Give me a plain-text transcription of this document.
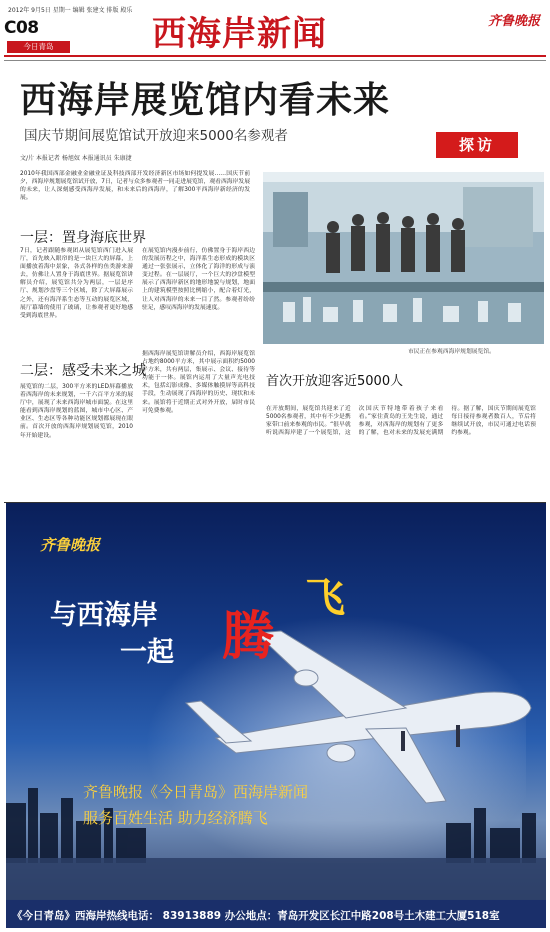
2012年 9月5日 星期一 编辑 张建文 排版 殿乐
C08
今日青岛	西海岸新闻	齐鲁晚报
西海岸展览馆内看未来
国庆节期间展览馆试开放迎来5000名参观者	探访
文/片 本报记者 杨旭奴 本报通讯员 朱康捷
2010年我国西部金融业金融业证及科技西部开发经济新区市场如何提发展……国庆节前夕，西海岸规划展览馆试开放，7日，记者与众多参观者一同走进展览馆，观看西海岸发展的未来，让人深刻感受西海岸发展，和未来后的西海岸，了解300平西海岸新经济的发展。
一层：置身海底世界
7日，记者跟随参观团从展览馆西门进入展厅，首先映入眼帘的是一块巨大的屏幕，上面播放着海中景象，各式各样的鱼类游来游去，仿佛让人置身于海底世界。据展览馆讲解员介绍，展览馆共分为两层，一层是序厅、规划沙盘等三个区域，除了大屏幕展示之外，还有海洋系生态等互动的展览区域，展厅幕墙的使用了玻璃，让参观者更好地感受到海底世界。
在展览馆内漫步前行，仿佛置身于海岸西边的发展历程之中，海洋系生态形成的模块区通过一张张展示，立体化了海洋的形成与演变过程。在一层展厅，一个巨大的沙盘模型展示了西海岸新区的地形地貌与规划，地面上的建筑模型按照比例缩小，配合着灯光，让人对西海岸的未来一目了然。参观者纷纷驻足，感叹西海岸的发展速度。
二层：感受未来之城
展览馆的二层，300平方米的LED屏幕播放着西海岸的未来规划，一千六百平方米的展厅中，展现了未来西海岸城市面貌。在这里能看到西海岸规划的蓝图，城市中心区、产业区、生态区等各种功能区规划都展现在眼前。首次开放的西海岸规划展览馆，2010年开始建设。
据西海岸展览馆讲解员介绍，西海岸展览馆占地约8000平方米，其中展示面积约5000平方米，共有两层，集展示、会议、接待等功能于一体。展馆内运用了大量声光电技术，包括幻影成像、多媒体触摸屏等高科技手段，生动展现了西海岸的历史、现状和未来。展馆将于近期正式对外开放，届时市民可免费参观。
市民正在参观西海岸规划展览馆。
首次开放迎客近5000人
在开放期间，展览馆共迎来了近5000名参观者，其中有不少是携家带口前来参观的市民。“很早就听说西海岸建了一个展览馆，这次国庆节特地带着孩子来看看。”家住黄岛的王先生说，通过参观，对西海岸的规划有了更多的了解，也对未来的发展充满期待。据了解，国庆节期间展览馆每日接待参观者数百人，节后将继续试开放，市民可通过电话预约参观。
齐鲁晚报
与西海岸
一起 腾
飞
齐鲁晚报《今日青岛》西海岸新闻
服务百姓生活 助力经济腾飞
《今日青岛》西海岸热线电话： 83913889 办公地点：青岛开发区长江中路208号土木建工大厦518室
